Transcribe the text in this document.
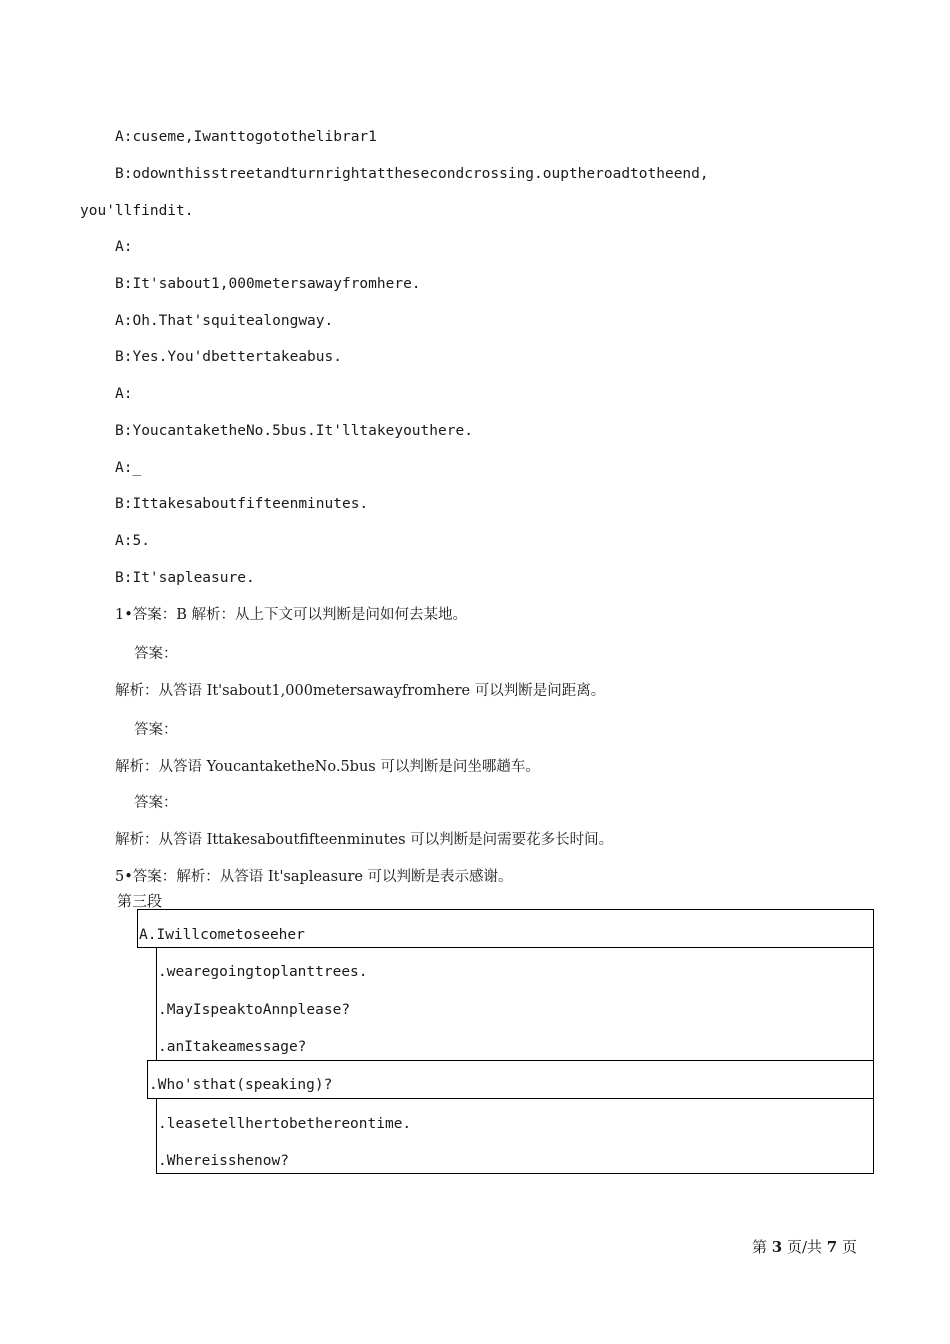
A:cuseme,Iwanttogotothelibrar1
B:odownthisstreetandturnrightatthesecondcrossing.ouptheroadtotheend,
you'llfindit.
A:
B:It'sabout1,000metersawayfromhere.
A:Oh.That'squitealongway.
B:Yes.You'dbettertakeabus.
A:
B:YoucantaketheNo.5bus.It'lltakeyouthere.
A:_
B:Ittakesaboutfifteenminutes.
A:5.
B:It'sapleasure.
1•答案：B 解析：从上下文可以判断是问如何去某地。
答案：
解析：从答语 It'sabout1,000metersawayfromhere 可以判断是问距离。
答案：
解析：从答语 YoucantaketheNo.5bus 可以判断是问坐哪趟车。
答案：
解析：从答语 Ittakesaboutfifteenminutes 可以判断是问需要花多长时间。
5•答案：解析：从答语 It'sapleasure 可以判断是表示感谢。
第三段
A.Iwillcometoseeher
.wearegoingtoplanttrees.
.MayIspeaktoAnnplease?
.anItakeamessage?
.Who'sthat(speaking)?
.leasetellhertobethereontime.
.Whereisshenow?
第 3 页/共 7 页
